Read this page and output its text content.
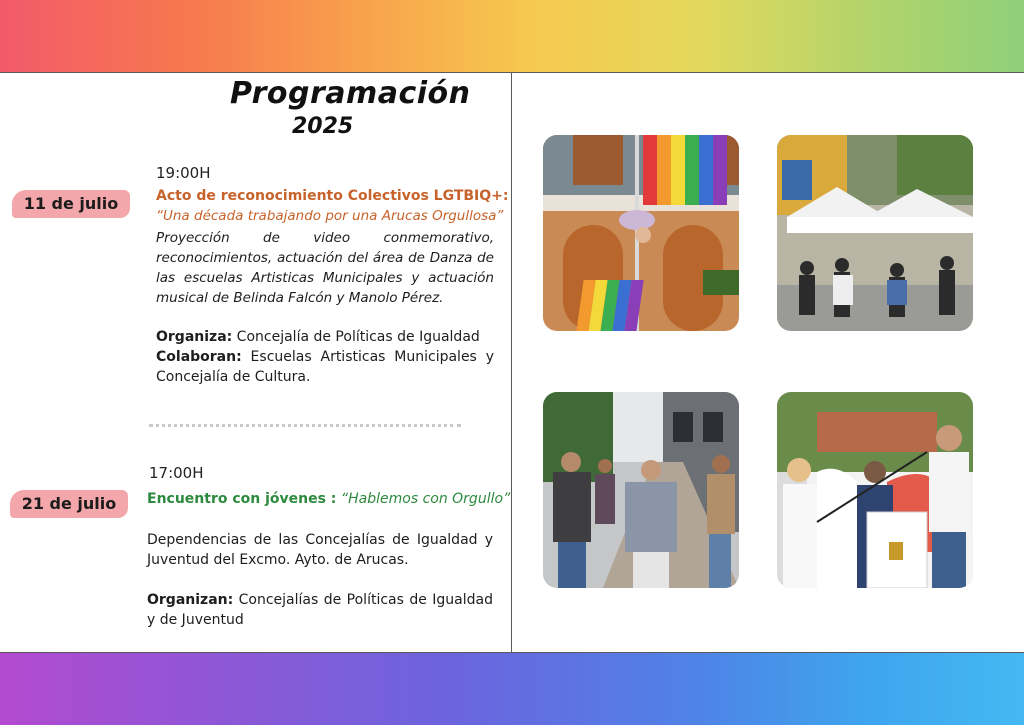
Programación
2025
19:00H
11 de julio	Acto de reconocimiento Colectivos LGTBIQ+:
“Una década trabajando por una Arucas Orgullosa”
Proyección de video conmemorativo, reconocimientos, actuación del área de Danza de las escuelas Artisticas Municipales y actuación musical de Belinda Falcón y Manolo Pérez.
Organiza: Concejalía de Políticas de Igualdad
Colaboran: Escuelas Artisticas Municipales y Concejalía de Cultura.
17:00H
21 de julio	Encuentro con jóvenes : “Hablemos con Orgullo”
Dependencias de las Concejalías de Igualdad y Juventud del Excmo. Ayto. de Arucas.
Organizan: Concejalías de Políticas de Igualdad y de Juventud
